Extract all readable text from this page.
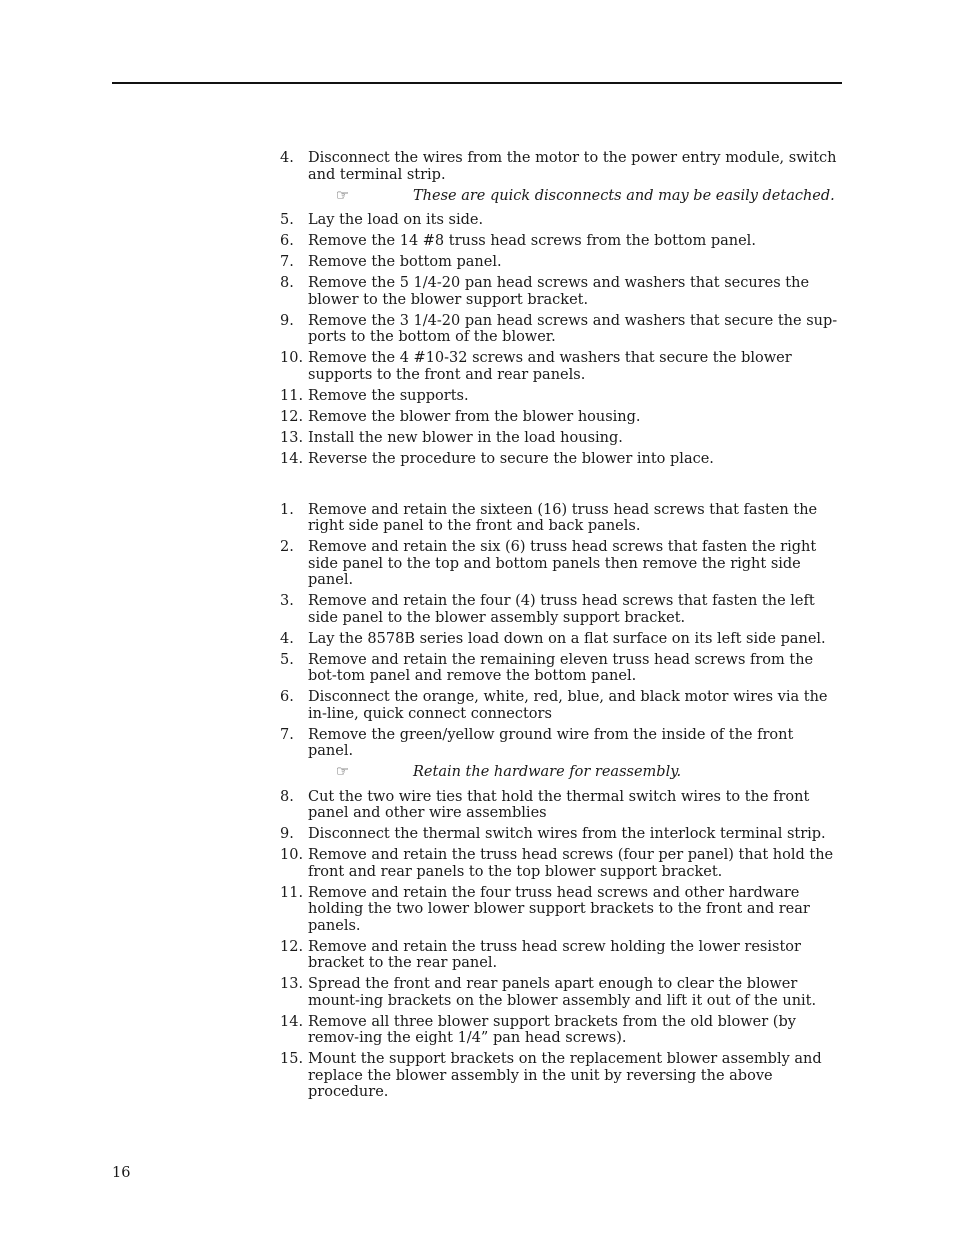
4. Disconnect the wires from the motor to the power entry module, switch and terminal strip.
☞	These are quick disconnects and may be easily detached.
5. Lay the load on its side.
6. Remove the 14 #8 truss head screws from the bottom panel.
7. Remove the bottom panel.
8. Remove the 5 1/4-20 pan head screws and washers that secures the blower to the blower support bracket.
9. Remove the 3 1/4-20 pan head screws and washers that secure the sup-ports to the bottom of the blower.
10. Remove the 4 #10-32 screws and washers that secure the blower supports to the front and rear panels.
11. Remove the supports.
12. Remove the blower from the blower housing.
13. Install the new blower in the load housing.
14. Reverse the procedure to secure the blower into place.
1. Remove and retain the sixteen (16) truss head screws that fasten the right side panel to the front and back panels.
2. Remove and retain the six (6) truss head screws that fasten the right side panel to the top and bottom panels then remove the right side panel.
3. Remove and retain the four (4) truss head screws that fasten the left side panel to the blower assembly support bracket.
4. Lay the 8578B series load down on a flat surface on its left side panel.
5. Remove and retain the remaining eleven truss head screws from the bot-tom panel and remove the bottom panel.
6. Disconnect the orange, white, red, blue, and black motor wires via the in-line, quick connect connectors
7. Remove the green/yellow ground wire from the inside of the front panel.
☞	Retain the hardware for reassembly.
8. Cut the two wire ties that hold the thermal switch wires to the front panel and other wire assemblies
9. Disconnect the thermal switch wires from the interlock terminal strip.
10. Remove and retain the truss head screws (four per panel) that hold the front and rear panels to the top blower support bracket.
11. Remove and retain the four truss head screws and other hardware holding the two lower blower support brackets to the front and rear panels.
12. Remove and retain the truss head screw holding the lower resistor bracket to the rear panel.
13. Spread the front and rear panels apart enough to clear the blower mount-ing brackets on the blower assembly and lift it out of the unit.
14. Remove all three blower support brackets from the old blower (by remov-ing the eight 1/4” pan head screws).
15. Mount the support brackets on the replacement blower assembly and replace the blower assembly in the unit by reversing the above procedure.
16
